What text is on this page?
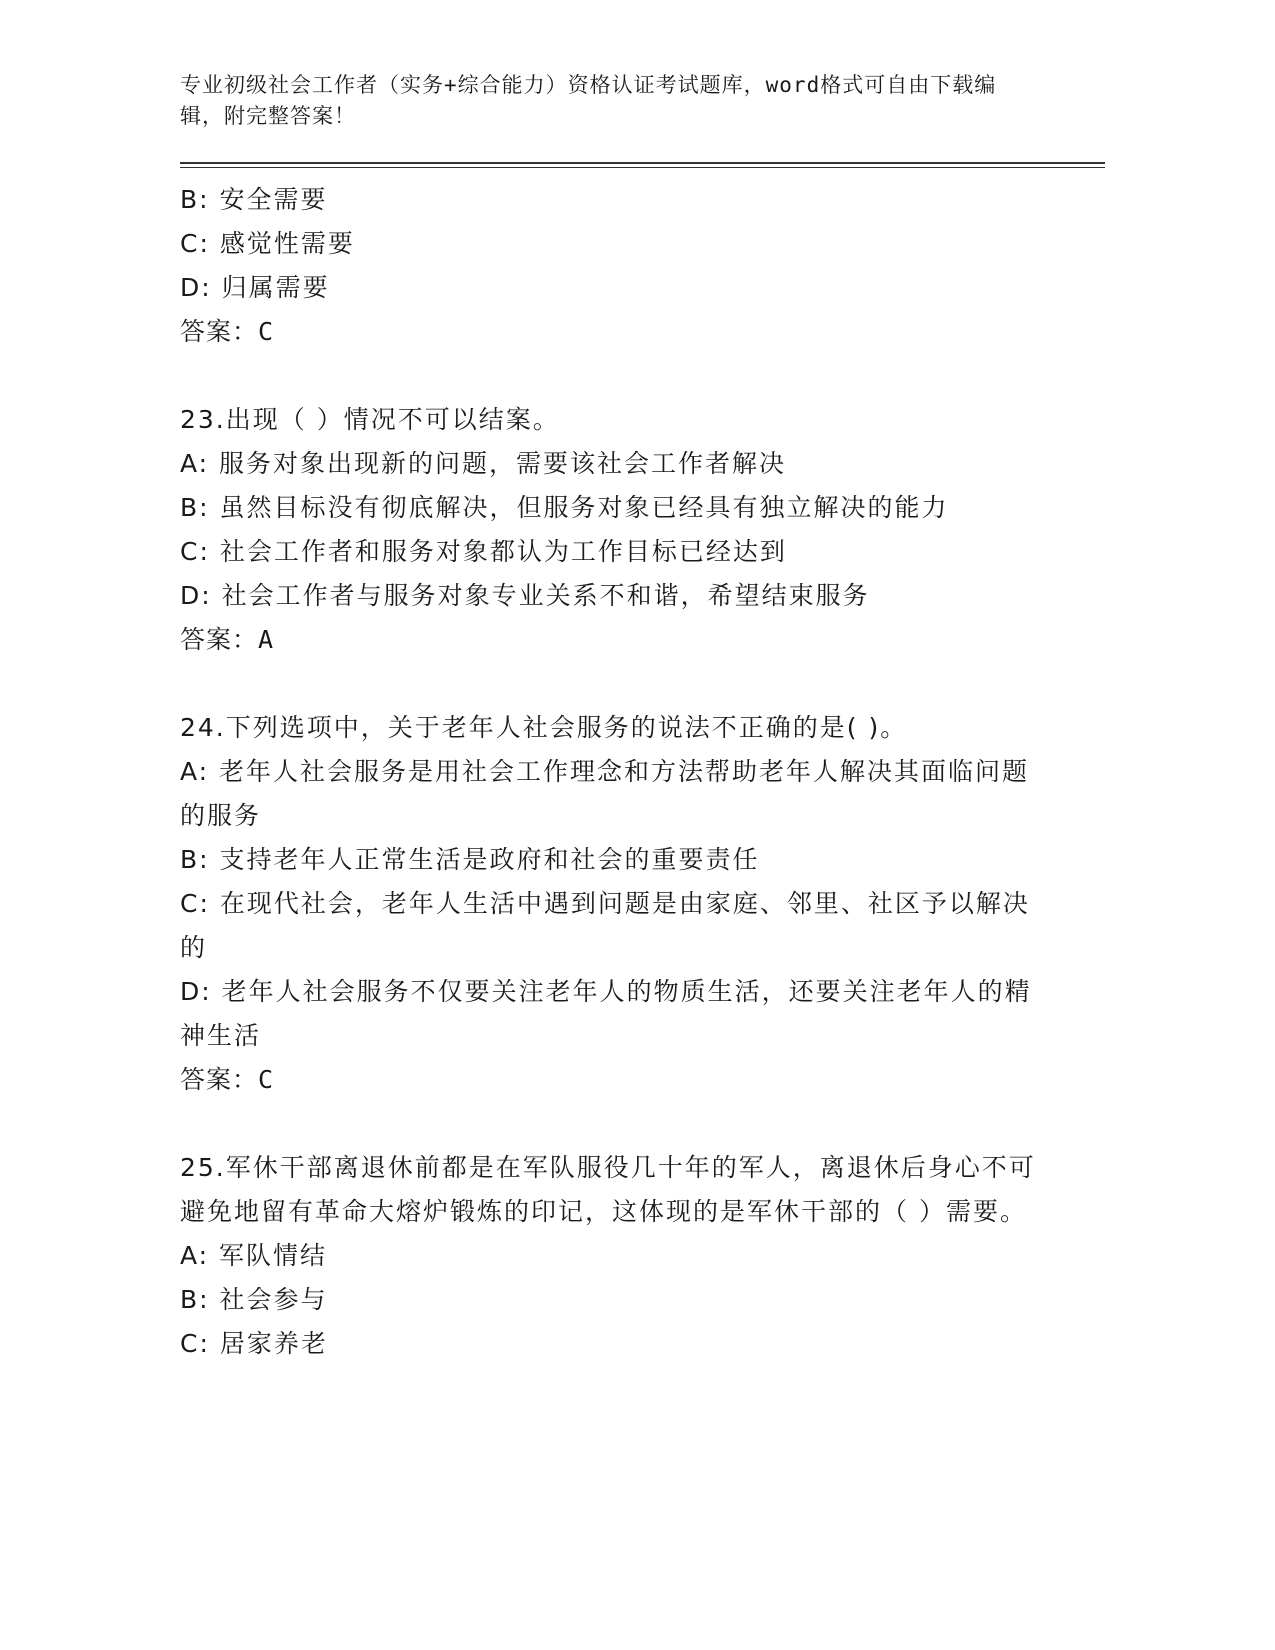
专业初级社会工作者（实务+综合能力）资格认证考试题库，word格式可自由下载编辑，附完整答案！
B: 安全需要
C: 感觉性需要
D: 归属需要
答案：C
23.出现（ ）情况不可以结案。
A: 服务对象出现新的问题，需要该社会工作者解决
B: 虽然目标没有彻底解决，但服务对象已经具有独立解决的能力
C: 社会工作者和服务对象都认为工作目标已经达到
D: 社会工作者与服务对象专业关系不和谐，希望结束服务
答案：A
24.下列选项中，关于老年人社会服务的说法不正确的是( )。
A: 老年人社会服务是用社会工作理念和方法帮助老年人解决其面临问题的服务
B: 支持老年人正常生活是政府和社会的重要责任
C: 在现代社会，老年人生活中遇到问题是由家庭、邻里、社区予以解决的
D: 老年人社会服务不仅要关注老年人的物质生活，还要关注老年人的精神生活
答案：C
25.军休干部离退休前都是在军队服役几十年的军人，离退休后身心不可避免地留有革命大熔炉锻炼的印记，这体现的是军休干部的（ ）需要。
A: 军队情结
B: 社会参与
C: 居家养老
